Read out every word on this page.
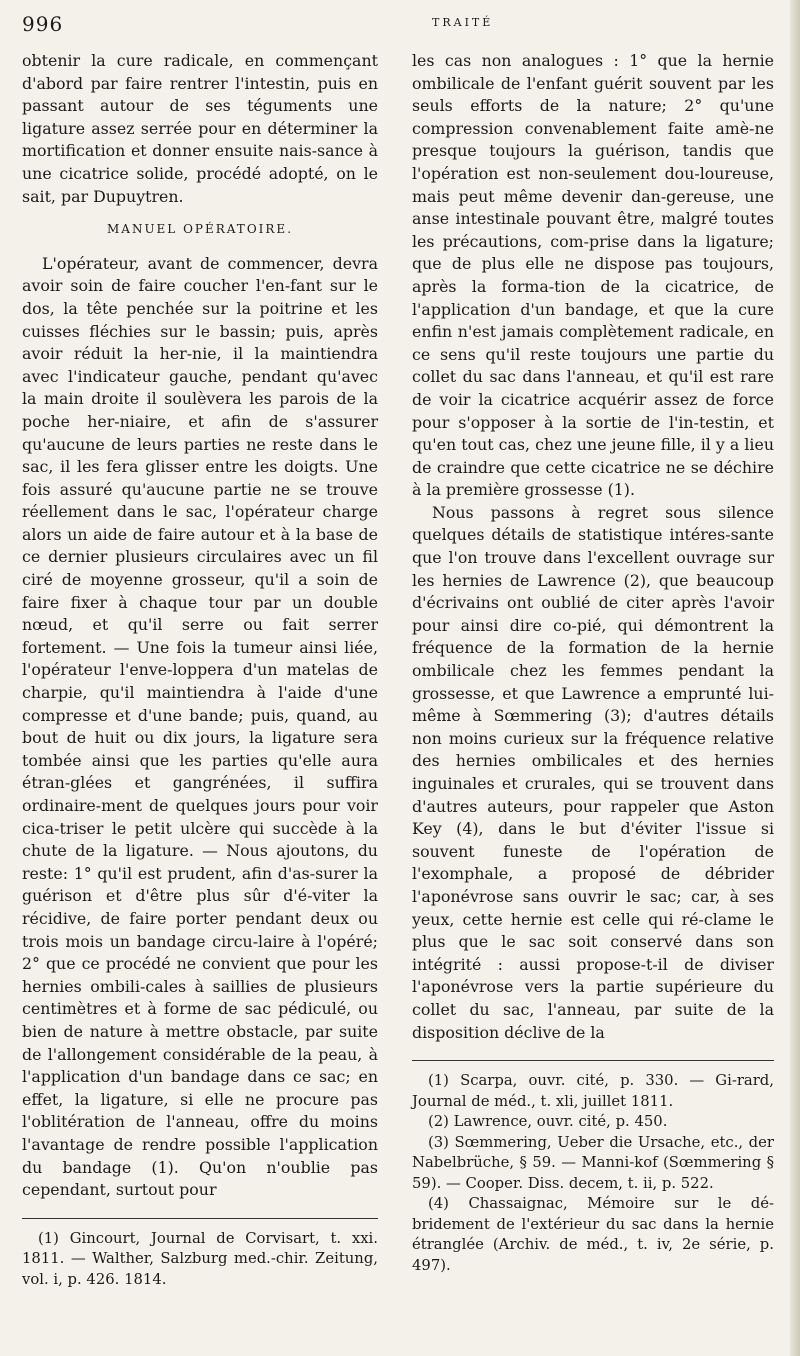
996	TRAITÉ

obtenir la cure radicale, en commençant d'abord par faire rentrer l'intestin, puis en passant autour de ses téguments une ligature assez serrée pour en déterminer la mortification et donner ensuite nais-sance à une cicatrice solide, procédé adopté, on le sait, par Dupuytren.

MANUEL OPÉRATOIRE.

L'opérateur, avant de commencer, devra avoir soin de faire coucher l'en-fant sur le dos, la tête penchée sur la poitrine et les cuisses fléchies sur le bassin; puis, après avoir réduit la her-nie, il la maintiendra avec l'indicateur gauche, pendant qu'avec la main droite il soulèvera les parois de la poche her-niaire, et afin de s'assurer qu'aucune de leurs parties ne reste dans le sac, il les fera glisser entre les doigts. Une fois assuré qu'aucune partie ne se trouve réellement dans le sac, l'opérateur charge alors un aide de faire autour et à la base de ce dernier plusieurs circulaires avec un fil ciré de moyenne grosseur, qu'il a soin de faire fixer à chaque tour par un double nœud, et qu'il serre ou fait serrer fortement. — Une fois la tumeur ainsi liée, l'opérateur l'enve-loppera d'un matelas de charpie, qu'il maintiendra à l'aide d'une compresse et d'une bande; puis, quand, au bout de huit ou dix jours, la ligature sera tombée ainsi que les parties qu'elle aura étran-glées et gangrénées, il suffira ordinaire-ment de quelques jours pour voir cica-triser le petit ulcère qui succède à la chute de la ligature. — Nous ajoutons, du reste: 1° qu'il est prudent, afin d'as-surer la guérison et d'être plus sûr d'é-viter la récidive, de faire porter pendant deux ou trois mois un bandage circu-laire à l'opéré; 2° que ce procédé ne convient que pour les hernies ombili-cales à saillies de plusieurs centimètres et à forme de sac pédiculé, ou bien de nature à mettre obstacle, par suite de l'allongement considérable de la peau, à l'application d'un bandage dans ce sac; en effet, la ligature, si elle ne procure pas l'oblitération de l'anneau, offre du moins l'avantage de rendre possible l'application du bandage (1). Qu'on n'oublie pas cependant, surtout pour

(1) Gincourt, Journal de Corvisart, t. xxi. 1811. — Walther, Salzburg med.-chir. Zeitung, vol. i, p. 426. 1814.

les cas non analogues : 1° que la hernie ombilicale de l'enfant guérit souvent par les seuls efforts de la nature; 2° qu'une compression convenablement faite amè-ne presque toujours la guérison, tandis que l'opération est non-seulement dou-loureuse, mais peut même devenir dan-gereuse, une anse intestinale pouvant être, malgré toutes les précautions, com-prise dans la ligature; que de plus elle ne dispose pas toujours, après la forma-tion de la cicatrice, de l'application d'un bandage, et que la cure enfin n'est jamais complètement radicale, en ce sens qu'il reste toujours une partie du collet du sac dans l'anneau, et qu'il est rare de voir la cicatrice acquérir assez de force pour s'opposer à la sortie de l'in-testin, et qu'en tout cas, chez une jeune fille, il y a lieu de craindre que cette cicatrice ne se déchire à la première grossesse (1).

Nous passons à regret sous silence quelques détails de statistique intéres-sante que l'on trouve dans l'excellent ouvrage sur les hernies de Lawrence (2), que beaucoup d'écrivains ont oublié de citer après l'avoir pour ainsi dire co-pié, qui démontrent la fréquence de la formation de la hernie ombilicale chez les femmes pendant la grossesse, et que Lawrence a emprunté lui-même à Sœmmering (3); d'autres détails non moins curieux sur la fréquence relative des hernies ombilicales et des hernies inguinales et crurales, qui se trouvent dans d'autres auteurs, pour rappeler que Aston Key (4), dans le but d'éviter l'issue si souvent funeste de l'opération de l'exomphale, a proposé de débrider l'aponévrose sans ouvrir le sac; car, à ses yeux, cette hernie est celle qui ré-clame le plus que le sac soit conservé dans son intégrité : aussi propose-t-il de diviser l'aponévrose vers la partie supérieure du collet du sac, l'anneau, par suite de la disposition déclive de la

(1) Scarpa, ouvr. cité, p. 330. — Gi-rard, Journal de méd., t. xli, juillet 1811.

(2) Lawrence, ouvr. cité, p. 450.

(3) Sœmmering, Ueber die Ursache, etc., der Nabelbrüche, § 59. — Manni-kof (Sœmmering § 59). — Cooper. Diss. decem, t. ii, p. 522.

(4) Chassaignac, Mémoire sur le dé-bridement de l'extérieur du sac dans la hernie étranglée (Archiv. de méd., t. iv, 2e série, p. 497).
